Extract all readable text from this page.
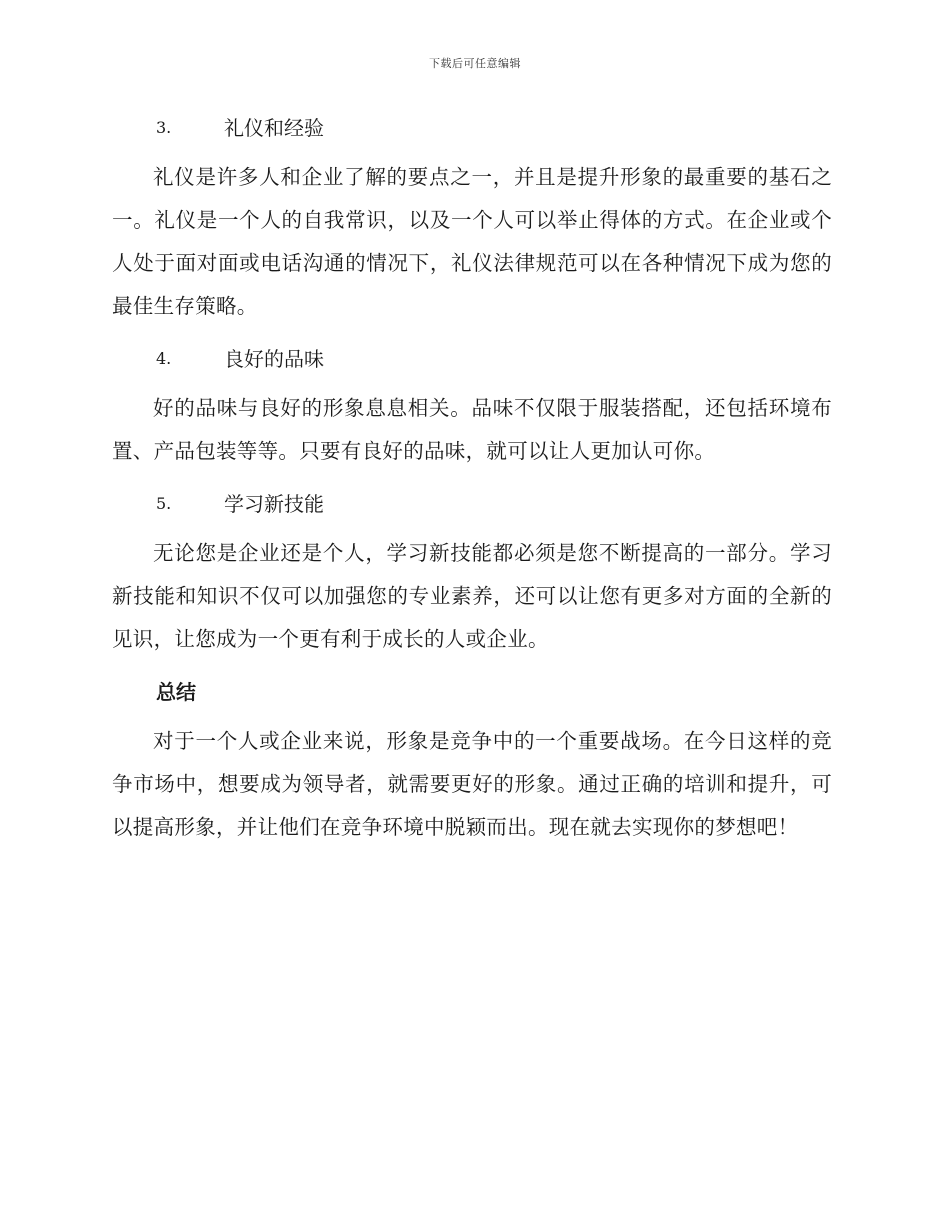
下载后可任意编辑
3.	礼仪和经验

礼仪是许多人和企业了解的要点之一，并且是提升形象的最重要的基石之一。礼仪是一个人的自我常识，以及一个人可以举止得体的方式。在企业或个人处于面对面或电话沟通的情况下，礼仪法律规范可以在各种情况下成为您的最佳生存策略。

4.	良好的品味

好的品味与良好的形象息息相关。品味不仅限于服装搭配，还包括环境布置、产品包装等等。只要有良好的品味，就可以让人更加认可你。

5.	学习新技能

无论您是企业还是个人，学习新技能都必须是您不断提高的一部分。学习新技能和知识不仅可以加强您的专业素养，还可以让您有更多对方面的全新的见识，让您成为一个更有利于成长的人或企业。

总结

对于一个人或企业来说，形象是竞争中的一个重要战场。在今日这样的竞争市场中，想要成为领导者，就需要更好的形象。通过正确的培训和提升，可以提高形象，并让他们在竞争环境中脱颖而出。现在就去实现你的梦想吧！
